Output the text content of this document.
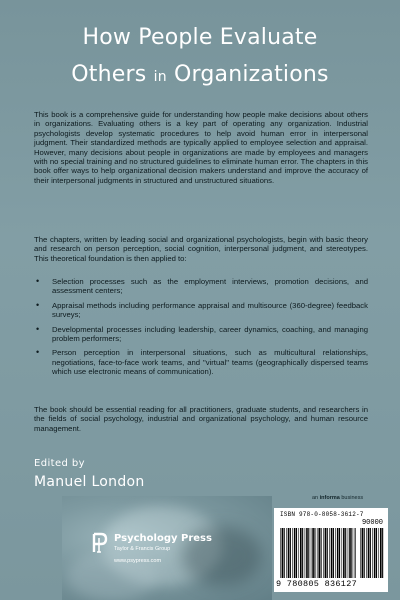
How People Evaluate
Others in Organizations

This book is a comprehensive guide for understanding how people make decisions about others in organizations. Evaluating others is a key part of operating any organization. Industrial psychologists develop systematic procedures to help avoid human error in interpersonal judgment. Their standardized methods are typically applied to employee selection and appraisal. However, many decisions about people in organizations are made by employees and managers with no special training and no structured guidelines to eliminate human error. The chapters in this book offer ways to help organizational decision makers understand and improve the accuracy of their interpersonal judgments in structured and unstructured situations.

The chapters, written by leading social and organizational psychologists, begin with basic theory and research on person perception, social cognition, interpersonal judgment, and stereotypes. This theoretical foundation is then applied to:

• Selection processes such as the employment interviews, promotion decisions, and assessment centers;
• Appraisal methods including performance appraisal and multisource (360-degree) feedback surveys;
• Developmental processes including leadership, career dynamics, coaching, and managing problem performers;
• Person perception in interpersonal situations, such as multicultural relationships, negotiations, face-to-face work teams, and "virtual" teams (geographically dispersed teams which use electronic means of communication).

The book should be essential reading for all practitioners, graduate students, and researchers in the fields of social psychology, industrial and organizational psychology, and human resource management.

Edited by
Manuel London
an informa business
Psychology Press
Taylor & Francis Group
www.psypress.com
ISBN 978-0-8058-3612-7
90000
9 780805 836127
